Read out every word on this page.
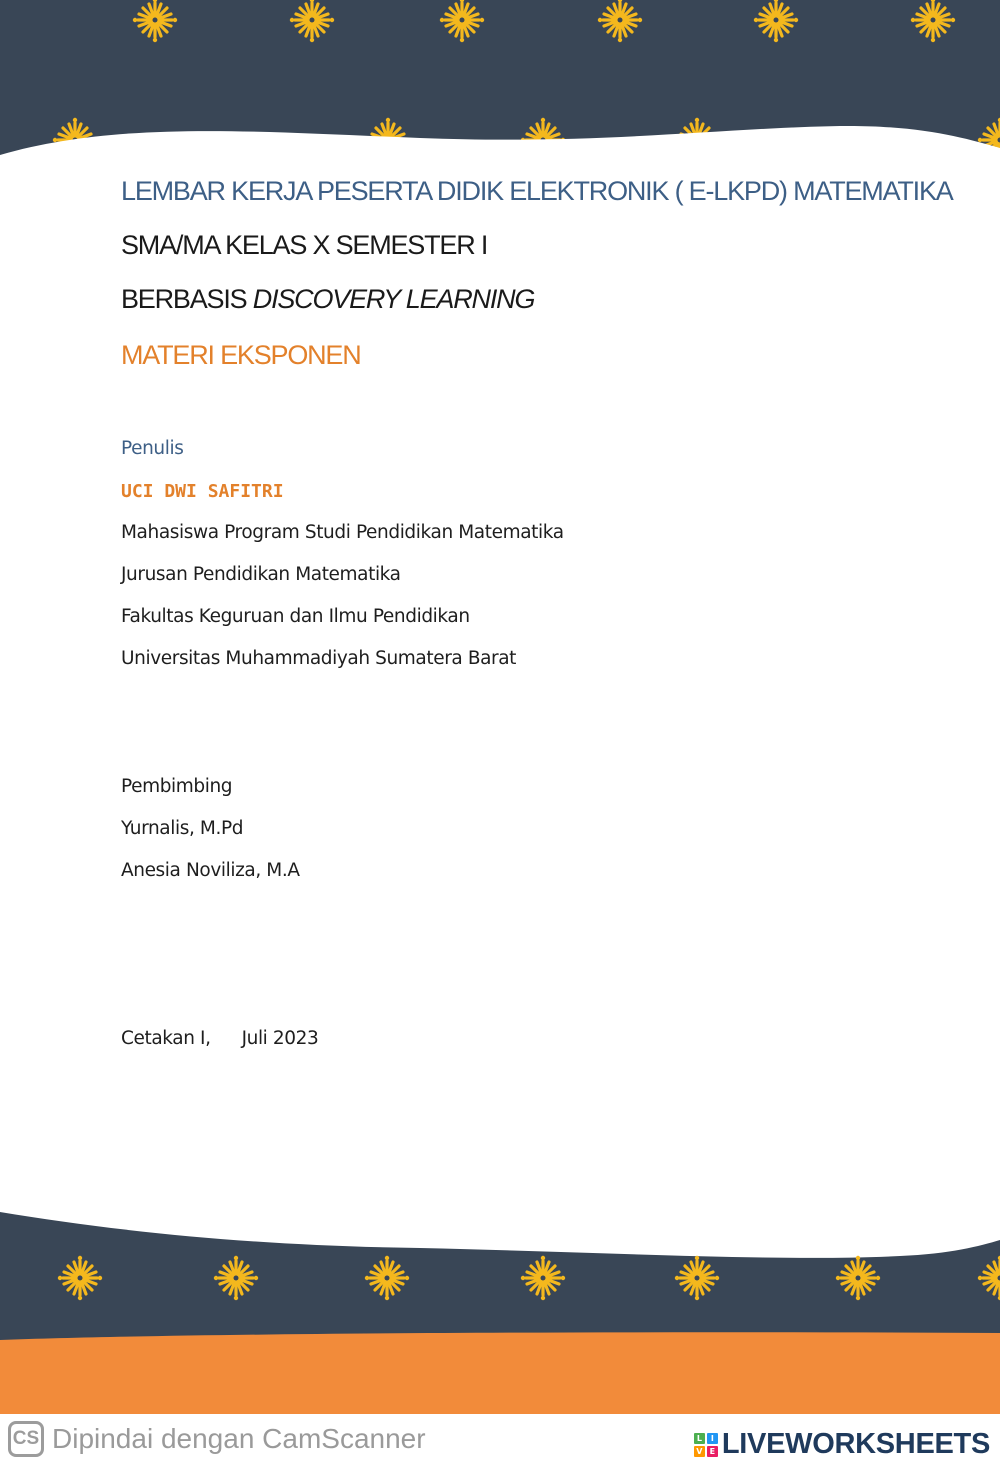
LEMBAR KERJA PESERTA DIDIK ELEKTRONIK ( E-LKPD) MATEMATIKA

SMA/MA KELAS X SEMESTER I

BERBASIS DISCOVERY LEARNING

MATERI EKSPONEN

Penulis

UCI DWI SAFITRI

Mahasiswa Program Studi Pendidikan Matematika

Jurusan Pendidikan Matematika

Fakultas Keguruan dan Ilmu Pendidikan

Universitas Muhammadiyah Sumatera Barat

Pembimbing

Yurnalis, M.Pd

Anesia Noviliza, M.A

Cetakan I, Juli 2023

CS Dipindai dengan CamScanner	L	I
V E LIVEWORKSHEETS
